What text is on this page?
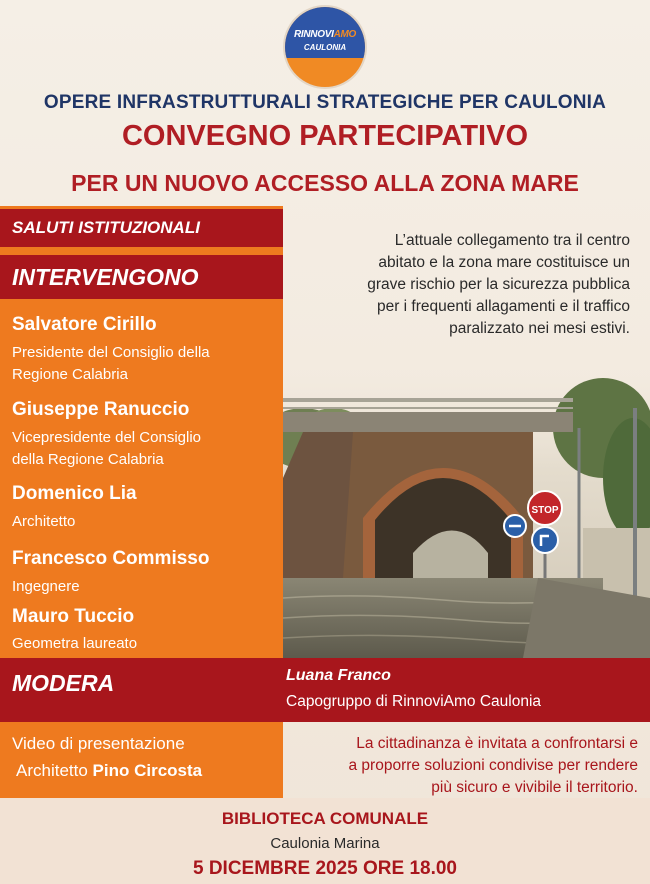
RINNOVIAMO
CAULONIA
OPERE INFRASTRUTTURALI STRATEGICHE PER CAULONIA
CONVEGNO PARTECIPATIVO
PER UN NUOVO ACCESSO ALLA ZONA MARE
SALUTI ISTITUZIONALI
INTERVENGONO
Salvatore Cirillo
Presidente del Consiglio della
Regione Calabria
Giuseppe Ranuccio
Vicepresidente del Consiglio
della Regione Calabria
Domenico Lia
Architetto
Francesco Commisso
Ingegnere
Mauro Tuccio
Geometra laureato
L’attuale collegamento tra il centro
abitato e la zona mare costituisce un
grave rischio per la sicurezza pubblica
per i frequenti allagamenti e il traffico
paralizzato nei mesi estivi.
STOP
MODERA	Luana Franco
Capogruppo di RinnoviAmo Caulonia
Video di presentazione
Architetto Pino Circosta
La cittadinanza è invitata a confrontarsi e
a proporre soluzioni condivise per rendere
più sicuro e vivibile il territorio.
BIBLIOTECA COMUNALE
Caulonia Marina
5 DICEMBRE 2025 ORE 18.00
